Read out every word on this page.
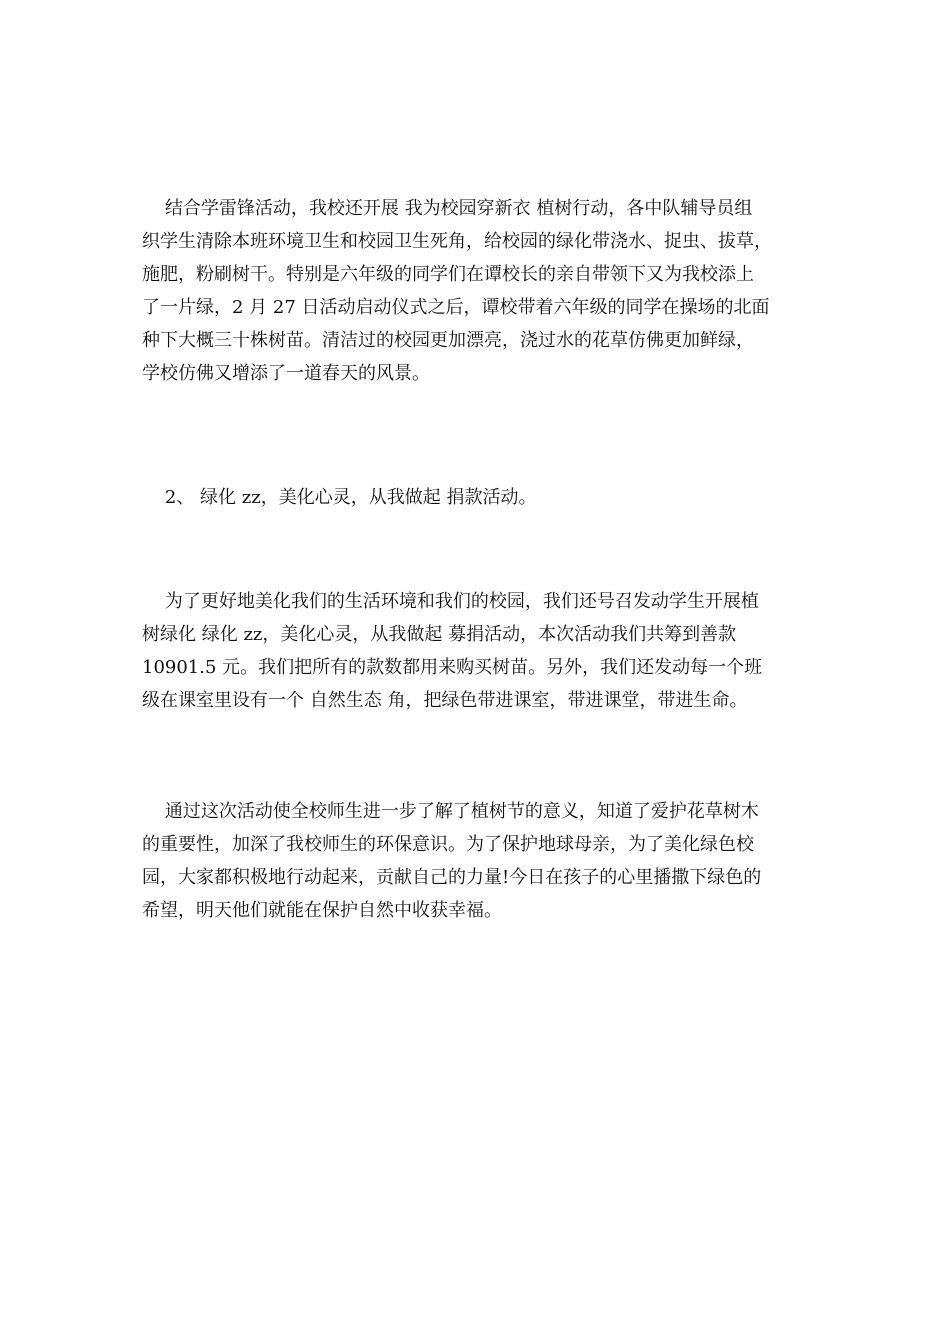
结合学雷锋活动，我校还开展 我为校园穿新衣 植树行动，各中队辅导员组
织学生清除本班环境卫生和校园卫生死角，给校园的绿化带浇水、捉虫、拔草，
施肥，粉刷树干。特别是六年级的同学们在谭校长的亲自带领下又为我校添上
了一片绿，2 月 27 日活动启动仪式之后，谭校带着六年级的同学在操场的北面
种下大概三十株树苗。清洁过的校园更加漂亮，浇过水的花草仿佛更加鲜绿，
学校仿佛又增添了一道春天的风景。
2、 绿化 zz，美化心灵，从我做起 捐款活动。
为了更好地美化我们的生活环境和我们的校园，我们还号召发动学生开展植
树绿化 绿化 zz，美化心灵，从我做起 募捐活动，本次活动我们共筹到善款
10901.5 元。我们把所有的款数都用来购买树苗。另外，我们还发动每一个班
级在课室里设有一个 自然生态 角，把绿色带进课室，带进课堂，带进生命。
通过这次活动使全校师生进一步了解了植树节的意义，知道了爱护花草树木
的重要性，加深了我校师生的环保意识。为了保护地球母亲，为了美化绿色校
园，大家都积极地行动起来，贡献自己的力量!今日在孩子的心里播撒下绿色的
希望，明天他们就能在保护自然中收获幸福。
